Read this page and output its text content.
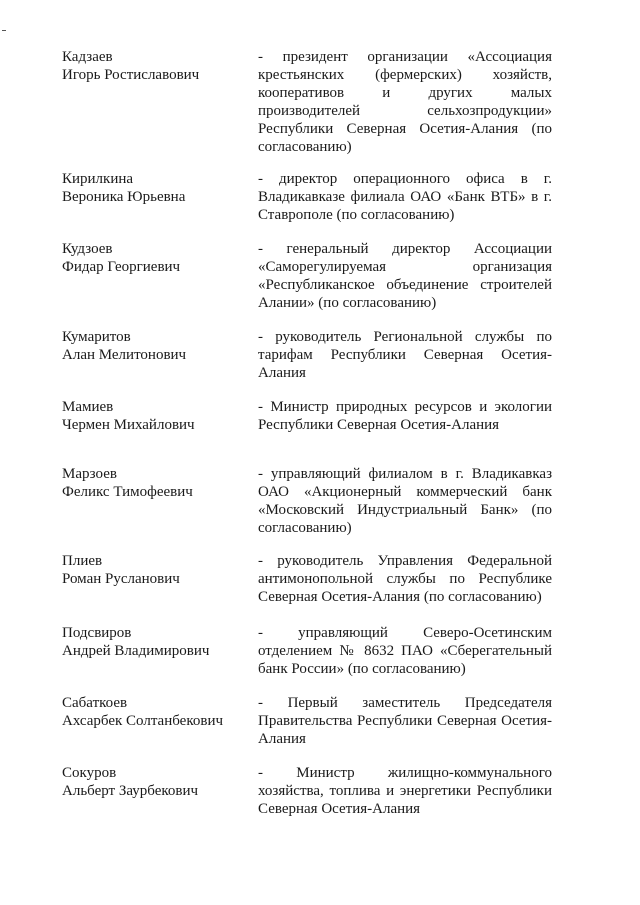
Кадзаев
Игорь Ростиславович
- президент организации «Ассоциация крестьянских (фермерских) хозяйств, кооперативов и других малых производителей сельхозпродукции» Республики Северная Осетия-Алания (по согласованию)
Кирилкина
Вероника Юрьевна
- директор операционного офиса в г. Владикавказе филиала ОАО «Банк ВТБ» в г. Ставрополе (по согласованию)
Кудзоев
Фидар Георгиевич
- генеральный директор Ассоциации «Саморегулируемая организация «Республиканское объединение строителей Алании» (по согласованию)
Кумаритов
Алан Мелитонович
- руководитель Региональной службы по тарифам Республики Северная Осетия-Алания
Мамиев
Чермен Михайлович
- Министр природных ресурсов и экологии Республики Северная Осетия-Алания
Марзоев
Феликс Тимофеевич
- управляющий филиалом в г. Владикавказ ОАО «Акционерный коммерческий банк «Московский Индустриальный Банк» (по согласованию)
Плиев
Роман Русланович
- руководитель Управления Федеральной антимонопольной службы по Республике Северная Осетия-Алания (по согласованию)
Подсвиров
Андрей Владимирович
- управляющий Северо-Осетинским отделением № 8632 ПАО «Сберегательный банк России» (по согласованию)
Сабаткоев
Ахсарбек Солтанбекович
- Первый заместитель Председателя Правительства Республики Северная Осетия-Алания
Сокуров
Альберт Заурбекович
- Министр жилищно-коммунального хозяйства, топлива и энергетики Республики Северная Осетия-Алания
